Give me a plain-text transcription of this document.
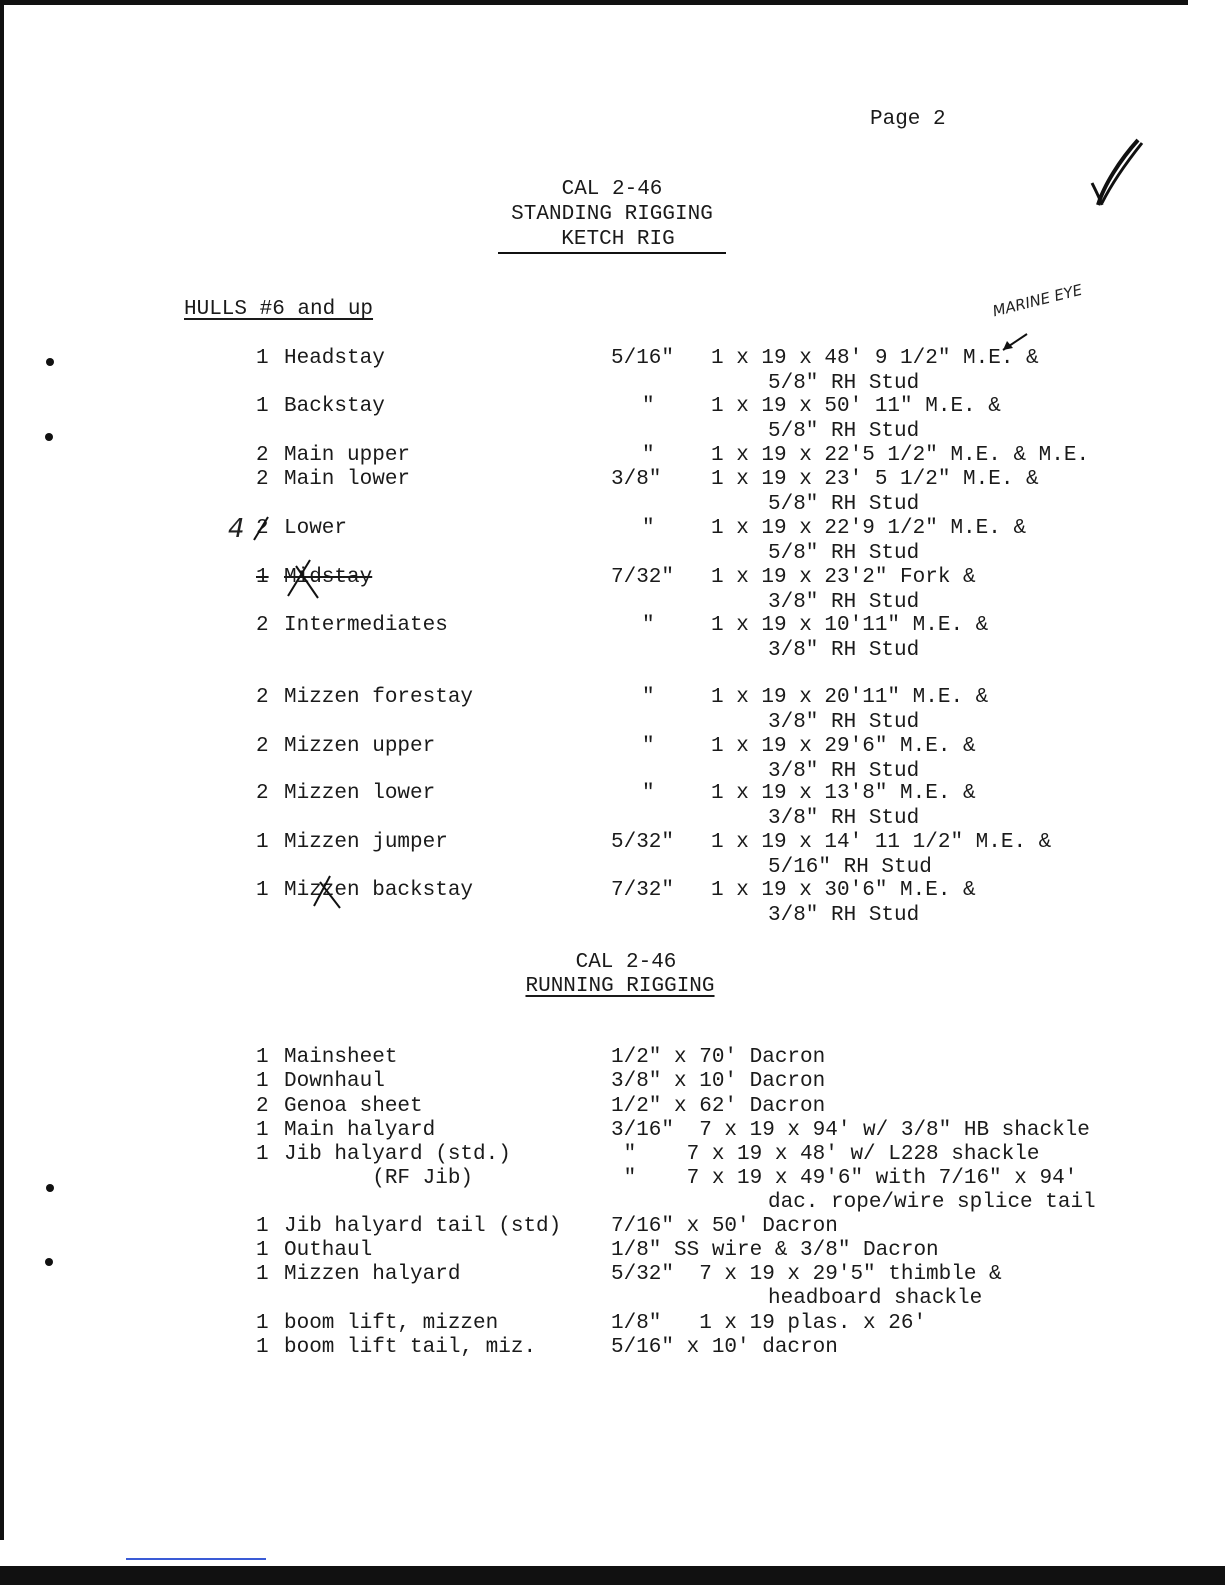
Page 2
CAL 2-46
STANDING RIGGING
KETCH RIG
HULLS #6 and up	MARINE EYE
1 Headstay	5/16" 1 x 19 x 48' 9 1/2" M.E. &
5/8" RH Stud
1 Backstay	"	1 x 19 x 50' 11" M.E. &
5/8" RH Stud
2 Main upper	"	1 x 19 x 22'5 1/2" M.E. & M.E.
2 Main lower	3/8" 1 x 19 x 23' 5 1/2" M.E. &
5/8" RH Stud
2 Lower	"	1 x 19 x 22'9 1/2" M.E. &
5/8" RH Stud
1 Midstay	7/32" 1 x 19 x 23'2" Fork &
3/8" RH Stud
2 Intermediates	"	1 x 19 x 10'11" M.E. &
3/8" RH Stud
2 Mizzen forestay	"	1 x 19 x 20'11" M.E. &
3/8" RH Stud
2 Mizzen upper	"	1 x 19 x 29'6" M.E. &
3/8" RH Stud
2 Mizzen lower	"	1 x 19 x 13'8" M.E. &
3/8" RH Stud
1 Mizzen jumper	5/32" 1 x 19 x 14' 11 1/2" M.E. &
5/16" RH Stud
1 Mizzen backstay	7/32" 1 x 19 x 30'6" M.E. &
3/8" RH Stud
4
CAL 2-46
RUNNING RIGGING
1 Mainsheet	1/2" x 70' Dacron
1 Downhaul	3/8" x 10' Dacron
2 Genoa sheet	1/2" x 62' Dacron
1 Main halyard	3/16"  7 x 19 x 94' w/ 3/8" HB shackle
1 Jib halyard (std.)	"    7 x 19 x 48' w/ L228 shackle
(RF Jib)	"    7 x 19 x 49'6" with 7/16" x 94'
dac. rope/wire splice tail
1 Jib halyard tail (std) 7/16" x 50' Dacron
1 Outhaul	1/8" SS wire & 3/8" Dacron
1 Mizzen halyard	5/32"  7 x 19 x 29'5" thimble &
headboard shackle
1 boom lift, mizzen	1/8"   1 x 19 plas. x 26'
1 boom lift tail, miz.	5/16" x 10' dacron
